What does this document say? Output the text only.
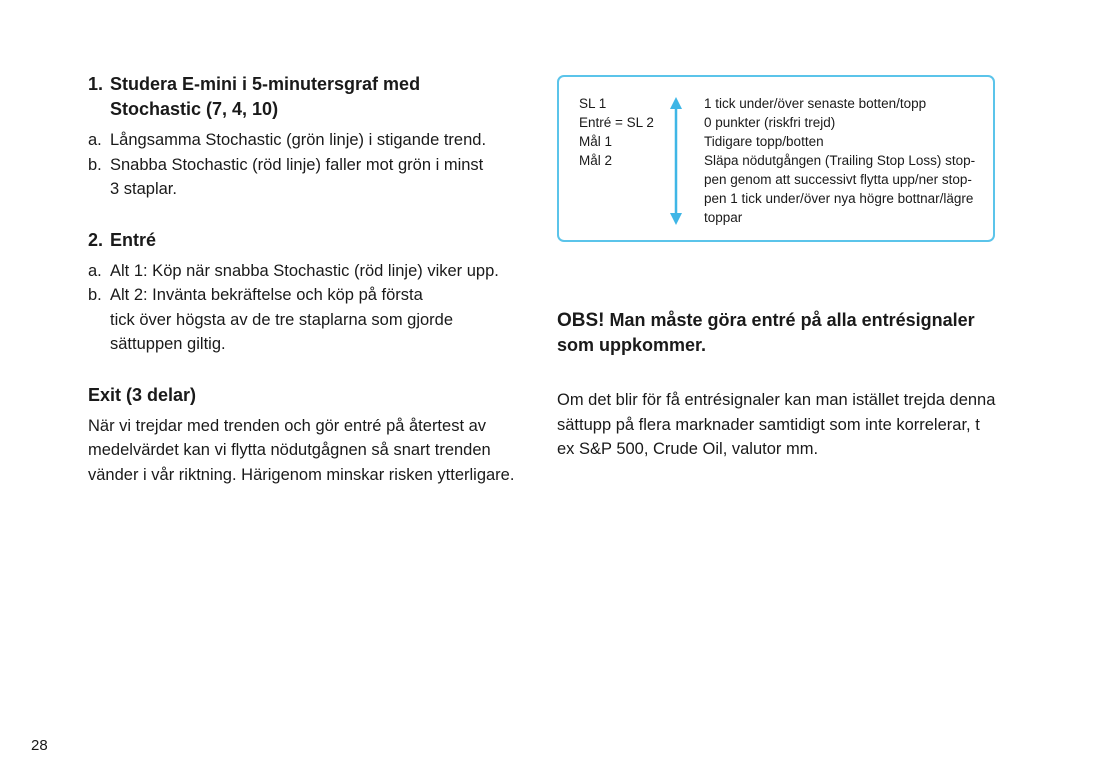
1. Studera E-mini i 5-minutersgraf med
Stochastic (7, 4, 10)
a. Långsamma Stochastic (grön linje) i stigande trend.
b. Snabba Stochastic (röd linje) faller mot grön i minst
3 staplar.
2. Entré
a. Alt 1: Köp när snabba Stochastic (röd linje) viker upp.
b. Alt 2: Invänta bekräftelse och köp på första
tick över högsta av de tre staplarna som gjorde
sättuppen giltig.
Exit (3 delar)

När vi trejdar med trenden och gör entré på återtest av medelvärdet kan vi flytta nödutgågnen så snart trenden vänder i vår riktning. Härigenom minskar risken ytterligare.

SL 1
Entré = SL 2
Mål 1
Mål 2
1 tick under/över senaste botten/topp
0 punkter (riskfri trejd)
Tidigare topp/botten
Släpa nödutgången (Trailing Stop Loss) stop-
pen genom att successivt flytta upp/ner stop-
pen 1 tick under/över nya högre bottnar/lägre
toppar
OBS! Man måste göra entré på alla entrésignaler
som uppkommer.
Om det blir för få entrésignaler kan man istället trejda denna sättupp på flera marknader samtidigt som inte korrelerar, t ex S&P 500, Crude Oil, valutor mm.
28
